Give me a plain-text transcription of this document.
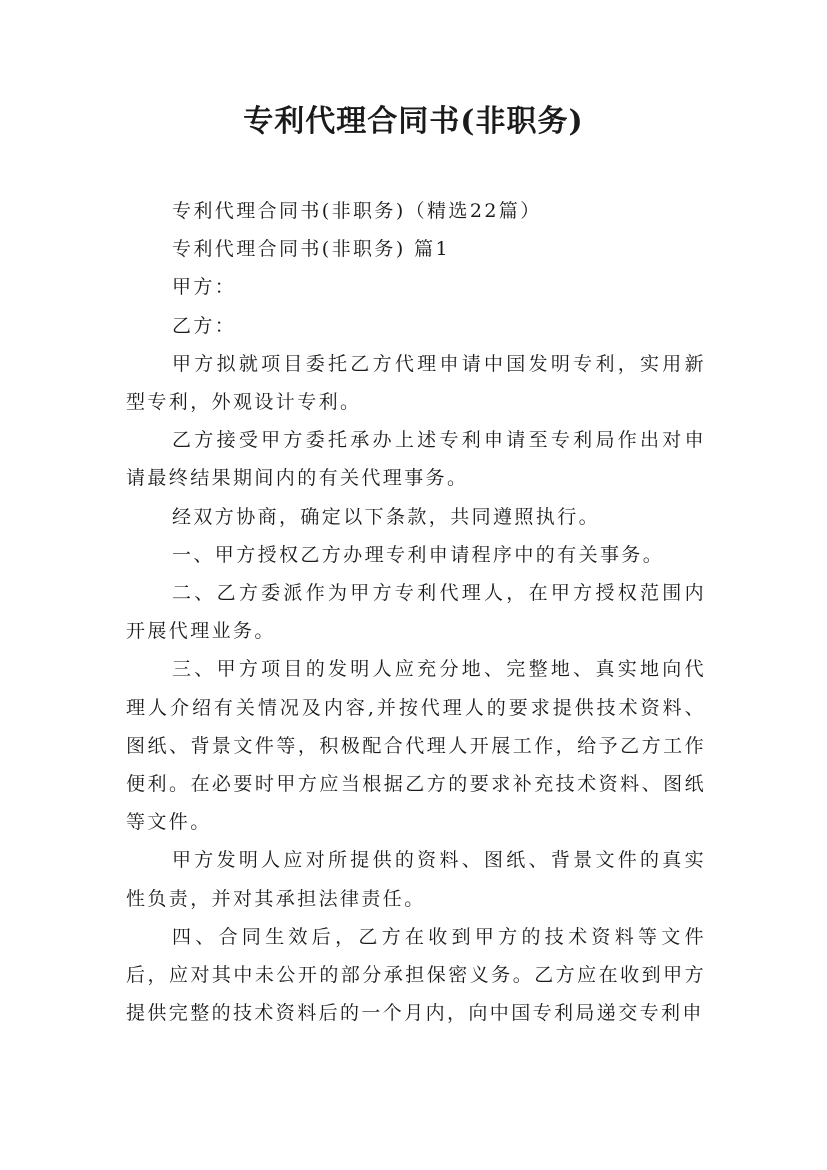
专利代理合同书(非职务)

专利代理合同书(非职务)（精选22篇）

专利代理合同书(非职务) 篇1

甲方：

乙方：

甲方拟就项目委托乙方代理申请中国发明专利，实用新型专利，外观设计专利。

乙方接受甲方委托承办上述专利申请至专利局作出对申请最终结果期间内的有关代理事务。

经双方协商，确定以下条款，共同遵照执行。

一、甲方授权乙方办理专利申请程序中的有关事务。

二、乙方委派作为甲方专利代理人，在甲方授权范围内开展代理业务。

三、甲方项目的发明人应充分地、完整地、真实地向代理人介绍有关情况及内容,并按代理人的要求提供技术资料、图纸、背景文件等，积极配合代理人开展工作，给予乙方工作便利。在必要时甲方应当根据乙方的要求补充技术资料、图纸等文件。

甲方发明人应对所提供的资料、图纸、背景文件的真实性负责，并对其承担法律责任。

四、合同生效后，乙方在收到甲方的技术资料等文件后，应对其中未公开的部分承担保密义务。乙方应在收到甲方提供完整的技术资料后的一个月内，向中国专利局递交专利申
